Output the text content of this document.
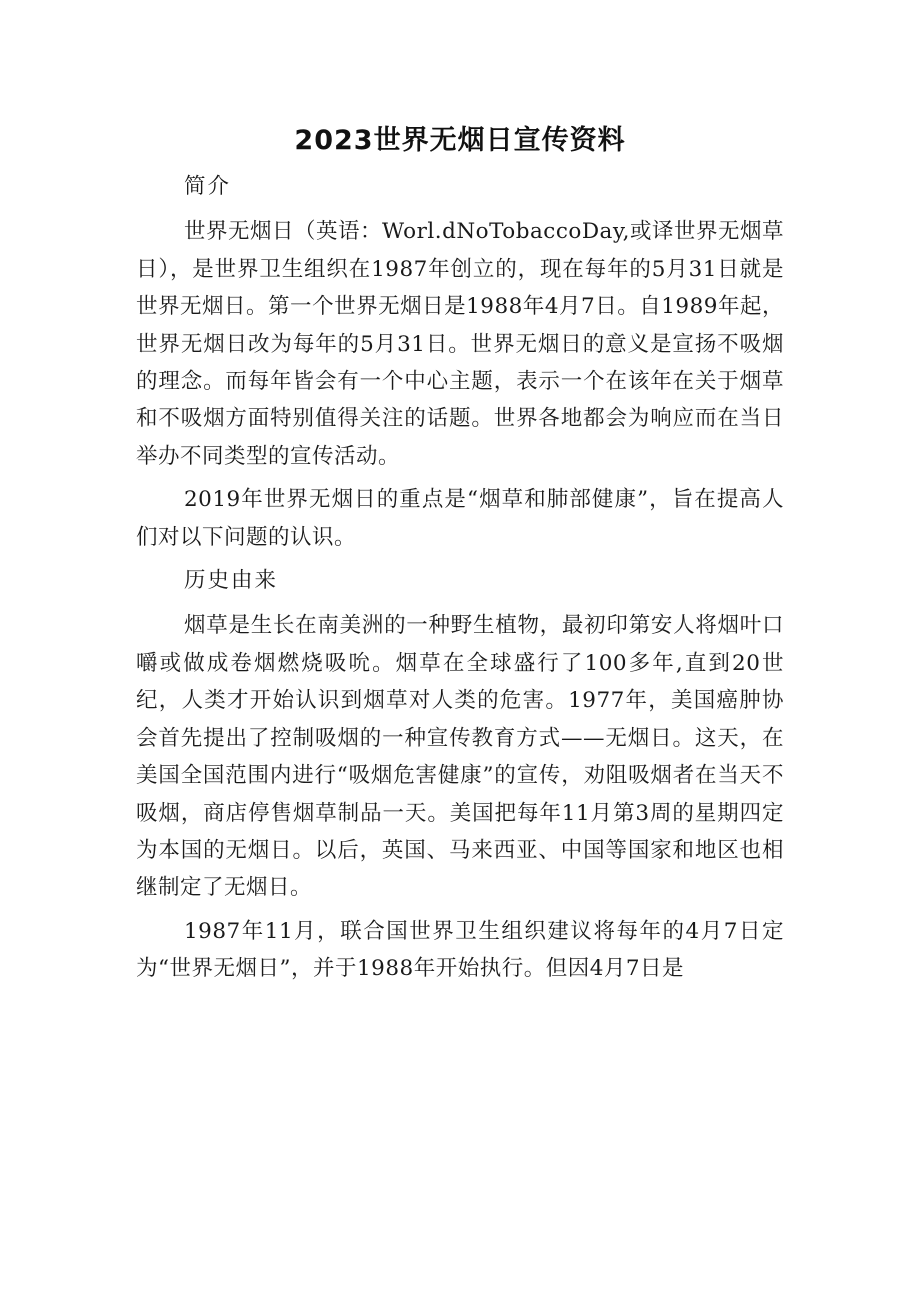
2023世界无烟日宣传资料

简介

世界无烟日（英语：Worl.dNoTobaccoDay,或译世界无烟草日），是世界卫生组织在1987年创立的，现在每年的5月31日就是世界无烟日。第一个世界无烟日是1988年4月7日。自1989年起，世界无烟日改为每年的5月31日。世界无烟日的意义是宣扬不吸烟的理念。而每年皆会有一个中心主题，表示一个在该年在关于烟草和不吸烟方面特别值得关注的话题。世界各地都会为响应而在当日举办不同类型的宣传活动。

2019年世界无烟日的重点是“烟草和肺部健康”，旨在提高人们对以下问题的认识。

历史由来

烟草是生长在南美洲的一种野生植物，最初印第安人将烟叶口嚼或做成卷烟燃烧吸吮。烟草在全球盛行了100多年,直到20世纪，人类才开始认识到烟草对人类的危害。1977年，美国癌肿协会首先提出了控制吸烟的一种宣传教育方式——无烟日。这天，在美国全国范围内进行“吸烟危害健康”的宣传，劝阻吸烟者在当天不吸烟，商店停售烟草制品一天。美国把每年11月第3周的星期四定为本国的无烟日。以后，英国、马来西亚、中国等国家和地区也相继制定了无烟日。

1987年11月，联合国世界卫生组织建议将每年的4月7日定为“世界无烟日”，并于1988年开始执行。但因4月7日是
